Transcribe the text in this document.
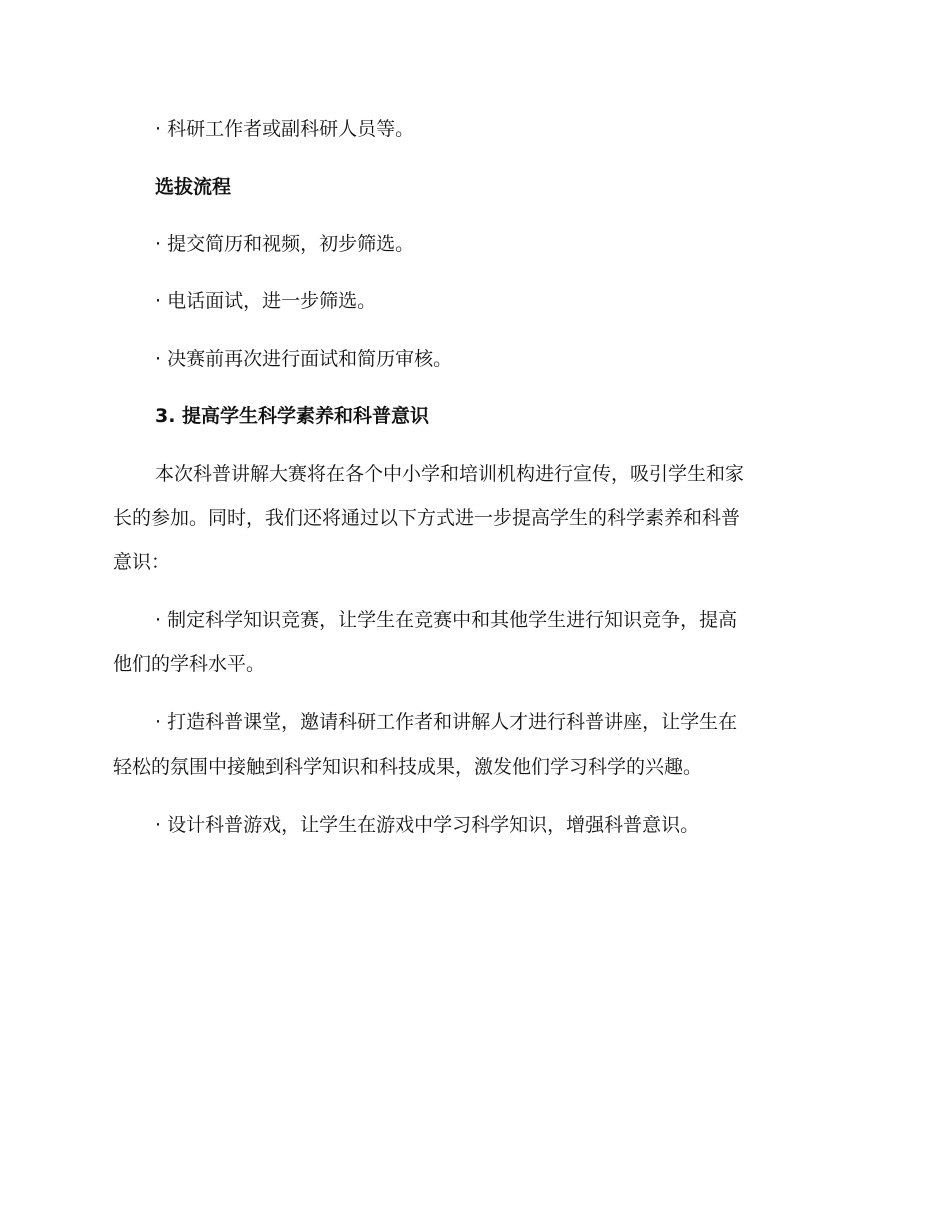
· 科研工作者或副科研人员等。
选拔流程
· 提交简历和视频，初步筛选。
· 电话面试，进一步筛选。
· 决赛前再次进行面试和简历审核。
3. 提高学生科学素养和科普意识
本次科普讲解大赛将在各个中小学和培训机构进行宣传，吸引学生和家
长的参加。同时，我们还将通过以下方式进一步提高学生的科学素养和科普
意识：
· 制定科学知识竞赛，让学生在竞赛中和其他学生进行知识竞争，提高
他们的学科水平。
· 打造科普课堂，邀请科研工作者和讲解人才进行科普讲座，让学生在
轻松的氛围中接触到科学知识和科技成果，激发他们学习科学的兴趣。
· 设计科普游戏，让学生在游戏中学习科学知识，增强科普意识。
